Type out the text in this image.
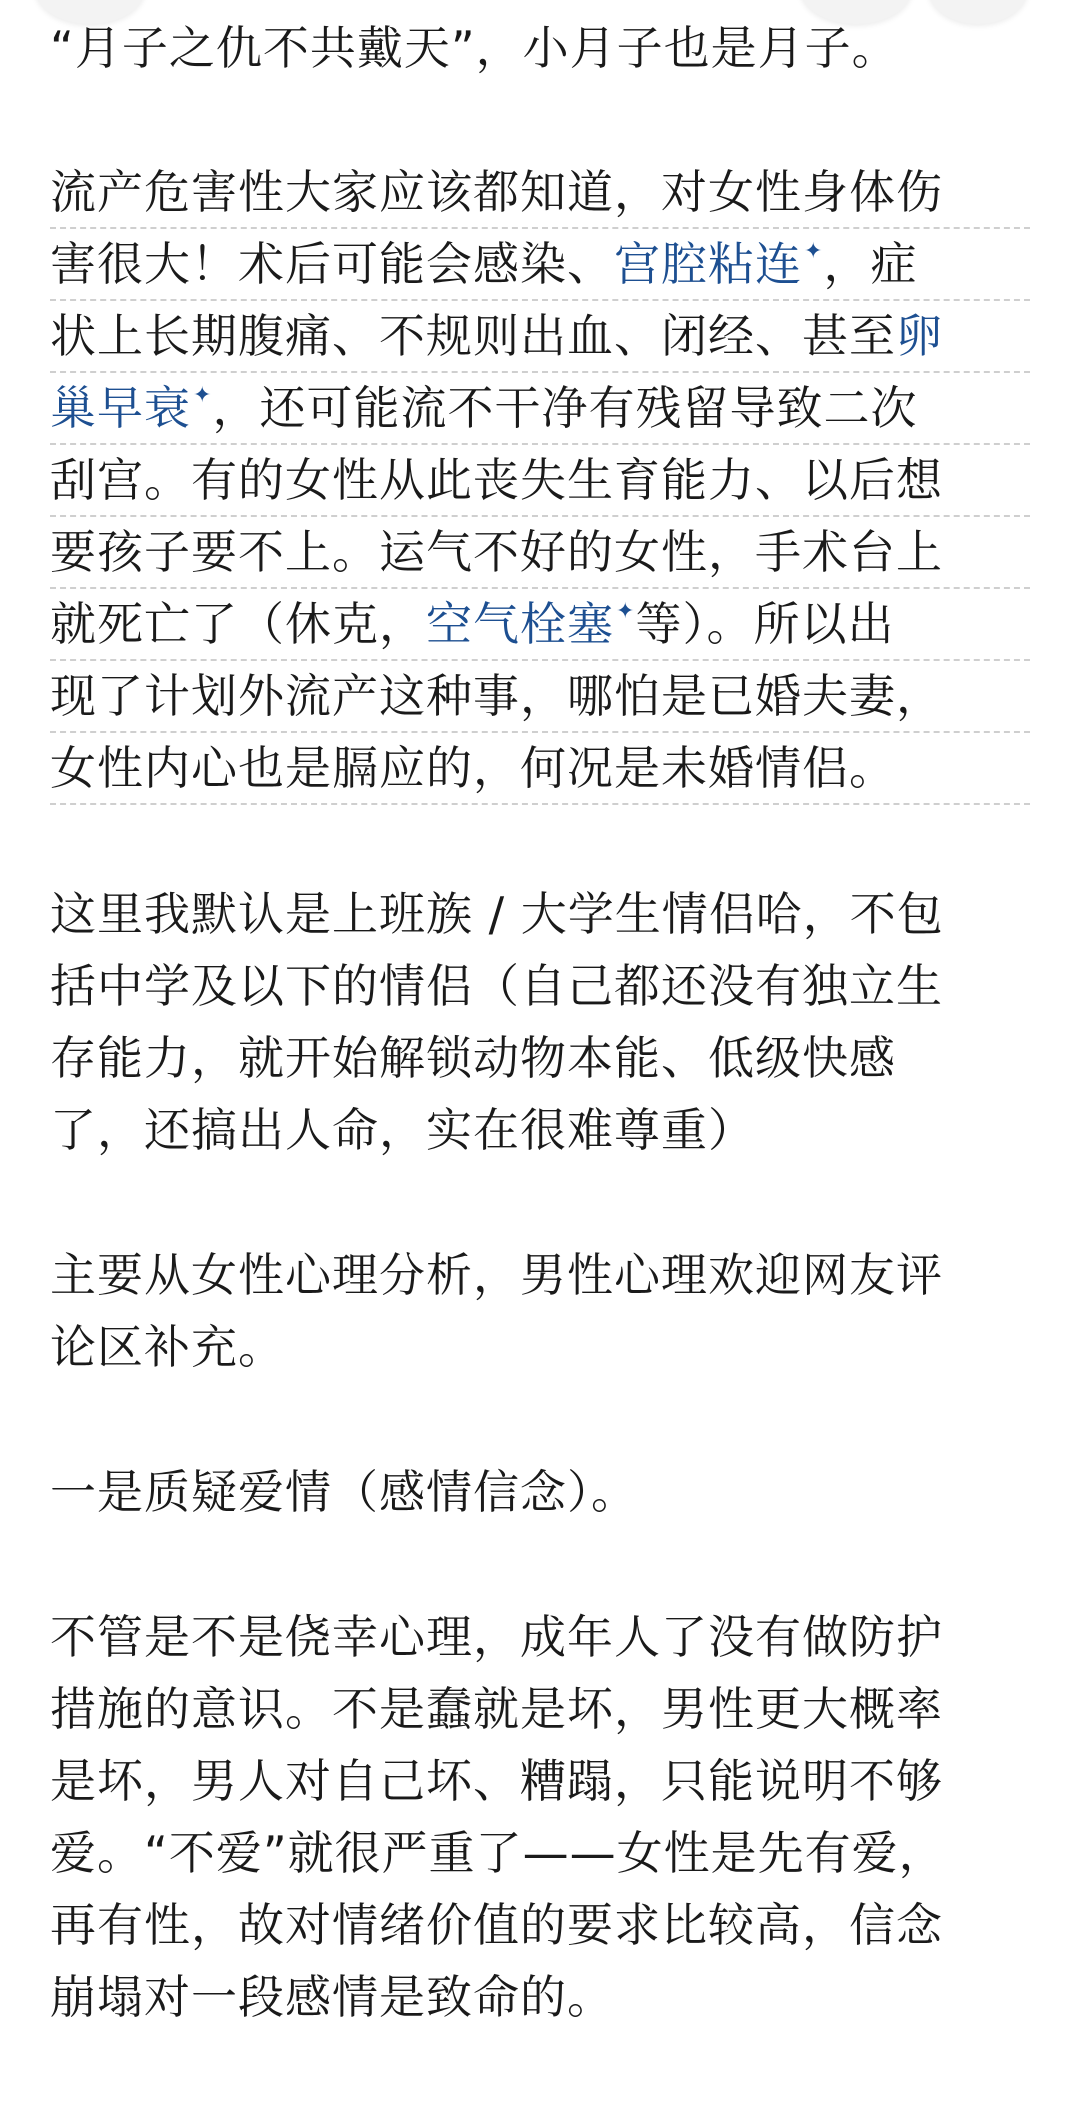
“月子之仇不共戴天”，小月子也是月子。

流产危害性大家应该都知道，对女性身体伤
害很大！术后可能会感染、宫腔粘连✦，症
状上长期腹痛、不规则出血、闭经、甚至卵
巢早衰✦，还可能流不干净有残留导致二次
刮宫。有的女性从此丧失生育能力、以后想
要孩子要不上。运气不好的女性，手术台上
就死亡了（休克，空气栓塞✦等）。所以出
现了计划外流产这种事，哪怕是已婚夫妻，
女性内心也是膈应的，何况是未婚情侣。

这里我默认是上班族 / 大学生情侣哈，不包
括中学及以下的情侣（自己都还没有独立生
存能力，就开始解锁动物本能、低级快感
了，还搞出人命，实在很难尊重）

主要从女性心理分析，男性心理欢迎网友评
论区补充。

一是质疑爱情（感情信念）。

不管是不是侥幸心理，成年人了没有做防护
措施的意识。不是蠢就是坏，男性更大概率
是坏，男人对自己坏、糟蹋，只能说明不够
爱。“不爱”就很严重了——女性是先有爱，
再有性，故对情绪价值的要求比较高，信念
崩塌对一段感情是致命的。
